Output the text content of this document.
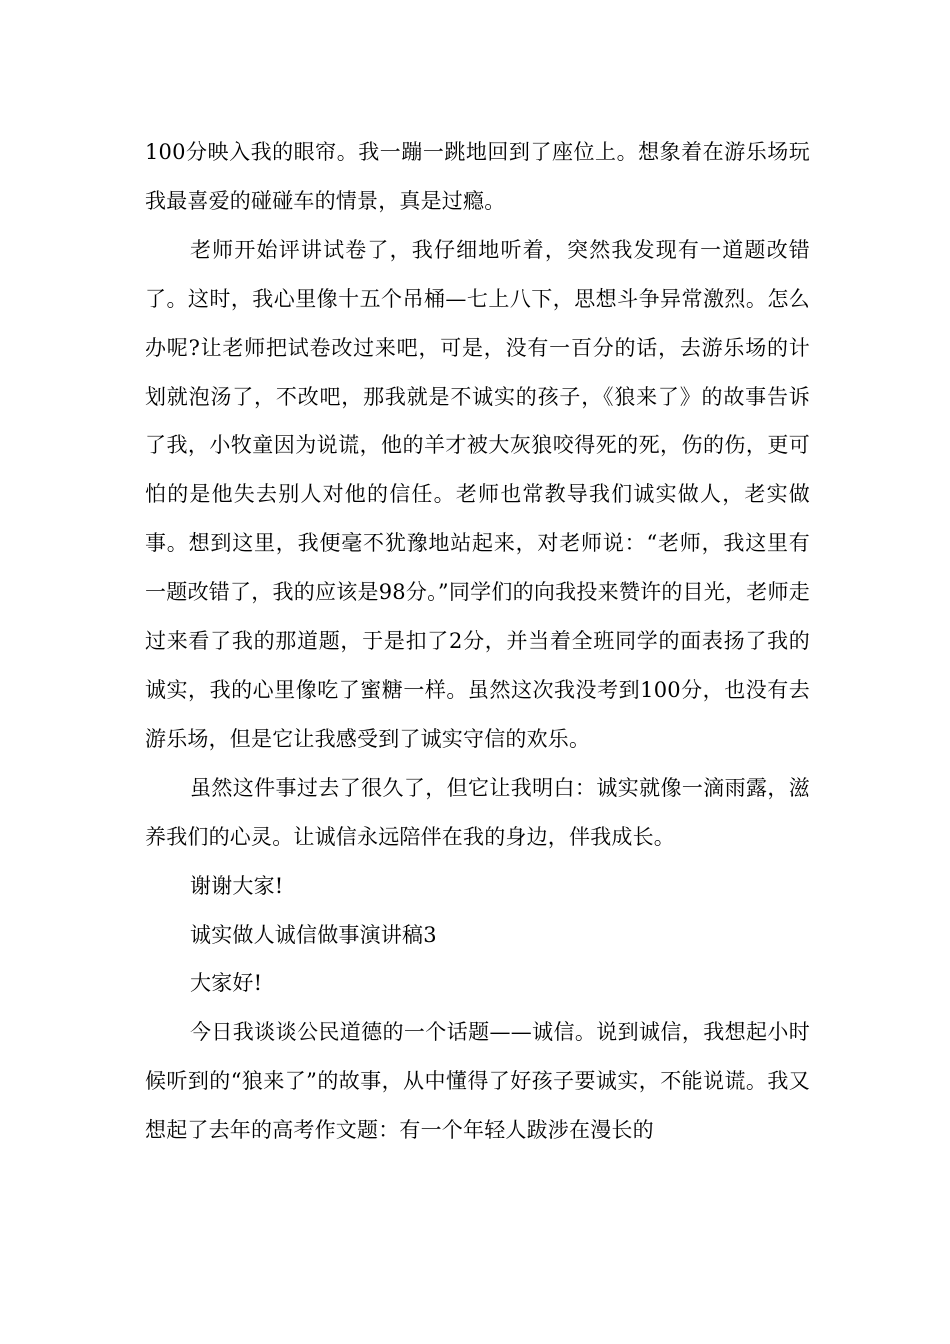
100分映入我的眼帘。我一蹦一跳地回到了座位上。想象着在游乐场玩我最喜爱的碰碰车的情景，真是过瘾。

老师开始评讲试卷了，我仔细地听着，突然我发现有一道题改错了。这时，我心里像十五个吊桶—七上八下，思想斗争异常激烈。怎么办呢?让老师把试卷改过来吧，可是，没有一百分的话，去游乐场的计划就泡汤了，不改吧，那我就是不诚实的孩子，《狼来了》的故事告诉了我，小牧童因为说谎，他的羊才被大灰狼咬得死的死，伤的伤，更可怕的是他失去别人对他的信任。老师也常教导我们诚实做人，老实做事。想到这里，我便毫不犹豫地站起来，对老师说：“老师，我这里有一题改错了，我的应该是98分。”同学们的向我投来赞许的目光，老师走过来看了我的那道题，于是扣了2分，并当着全班同学的面表扬了我的诚实，我的心里像吃了蜜糖一样。虽然这次我没考到100分，也没有去游乐场，但是它让我感受到了诚实守信的欢乐。

虽然这件事过去了很久了，但它让我明白：诚实就像一滴雨露，滋养我们的心灵。让诚信永远陪伴在我的身边，伴我成长。

谢谢大家!

诚实做人诚信做事演讲稿3

大家好!

今日我谈谈公民道德的一个话题——诚信。说到诚信，我想起小时候听到的“狼来了”的故事，从中懂得了好孩子要诚实，不能说谎。我又想起了去年的高考作文题：有一个年轻人跋涉在漫长的
